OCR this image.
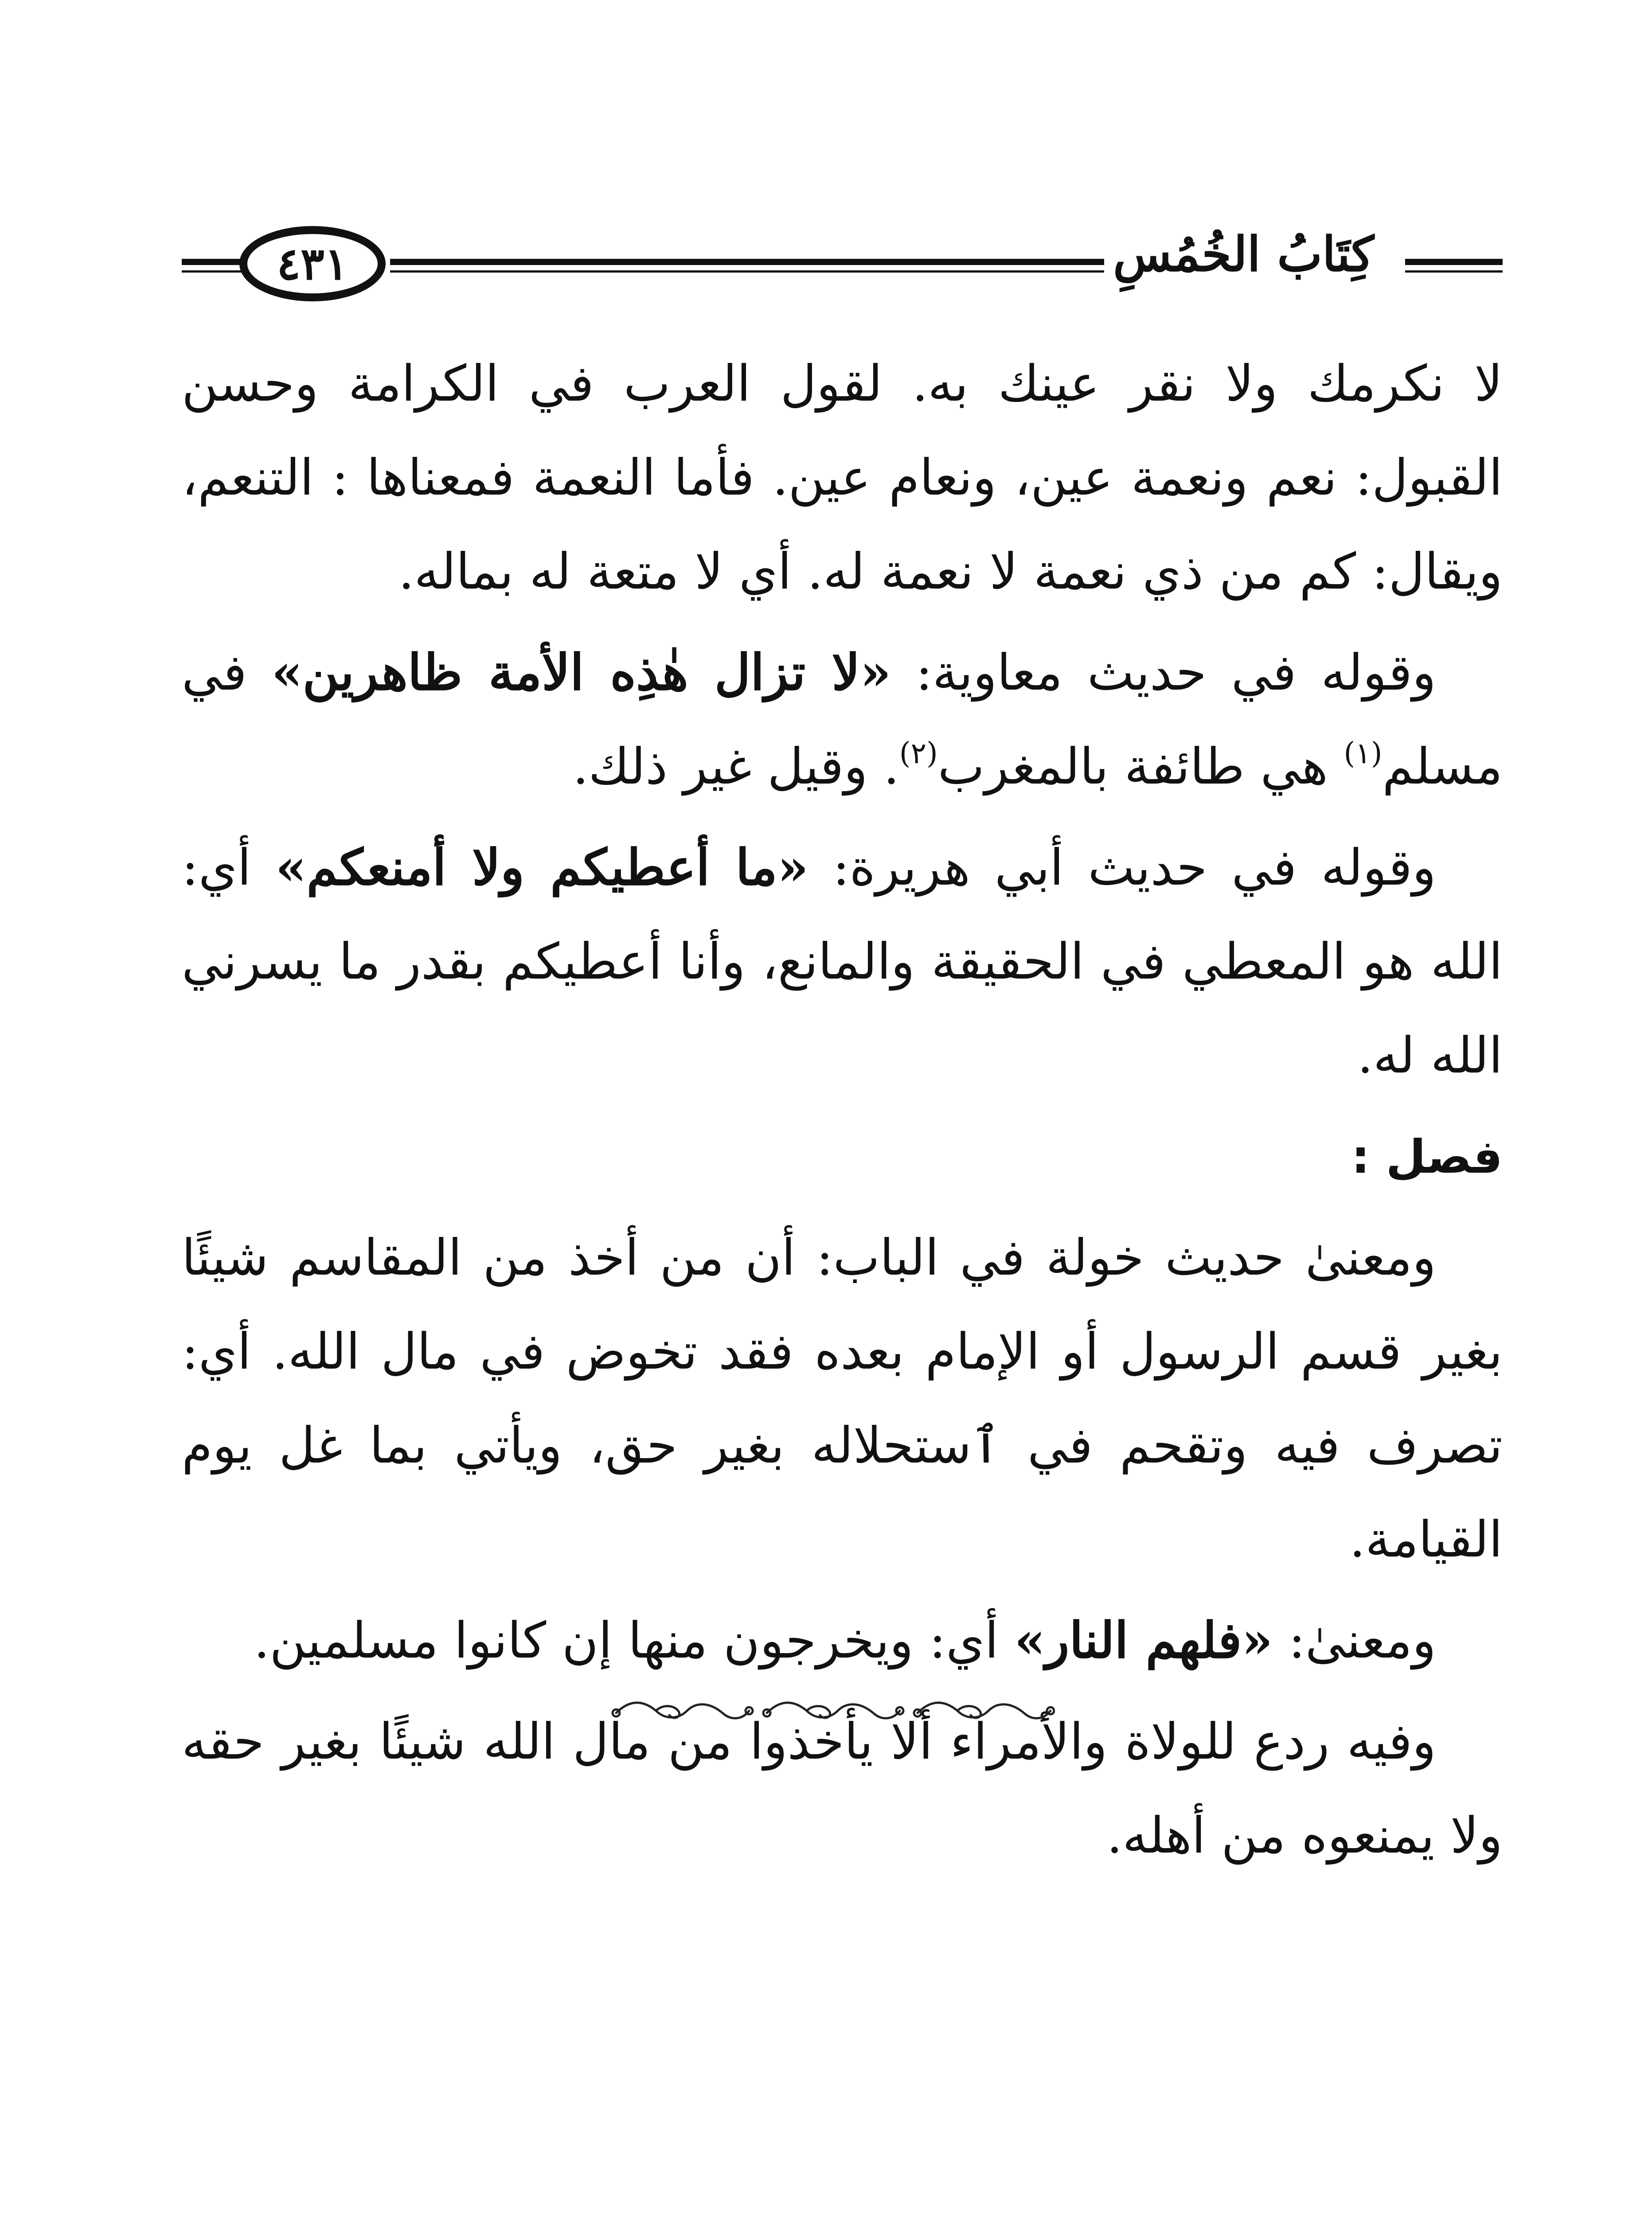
٤٣١	كِتَابُ الخُمُسِ

لا نكرمك ولا نقر عينك به. لقول العرب في الكرامة وحسن القبول: نعم ونعمة عين، ونعام عين. فأما النعمة فمعناها : التنعم، ويقال: كم من ذي نعمة لا نعمة له. أي لا متعة له بماله.

وقوله في حديث معاوية: «لا تزال هٰذِه الأمة ظاهرين» في مسلم$^{(١)}$ هي طائفة بالمغرب$^{(٢)}$. وقيل غير ذلك.

وقوله في حديث أبي هريرة: «ما أعطيكم ولا أمنعكم» أي: الله هو المعطي في الحقيقة والمانع، وأنا أعطيكم بقدر ما يسرني الله له.

فصل :

ومعنىٰ حديث خولة في الباب: أن من أخذ من المقاسم شيئًا بغير قسم الرسول أو الإمام بعده فقد تخوض في مال الله. أي: تصرف فيه وتقحم في ٱستحلاله بغير حق، ويأتي بما غل يوم القيامة.

ومعنىٰ: «فلهم النار» أي: ويخرجون منها إن كانوا مسلمين.

وفيه ردع للولاة والأمراء ألا يأخذوا من مال الله شيئًا بغير حقه ولا يمنعوه من أهله.
